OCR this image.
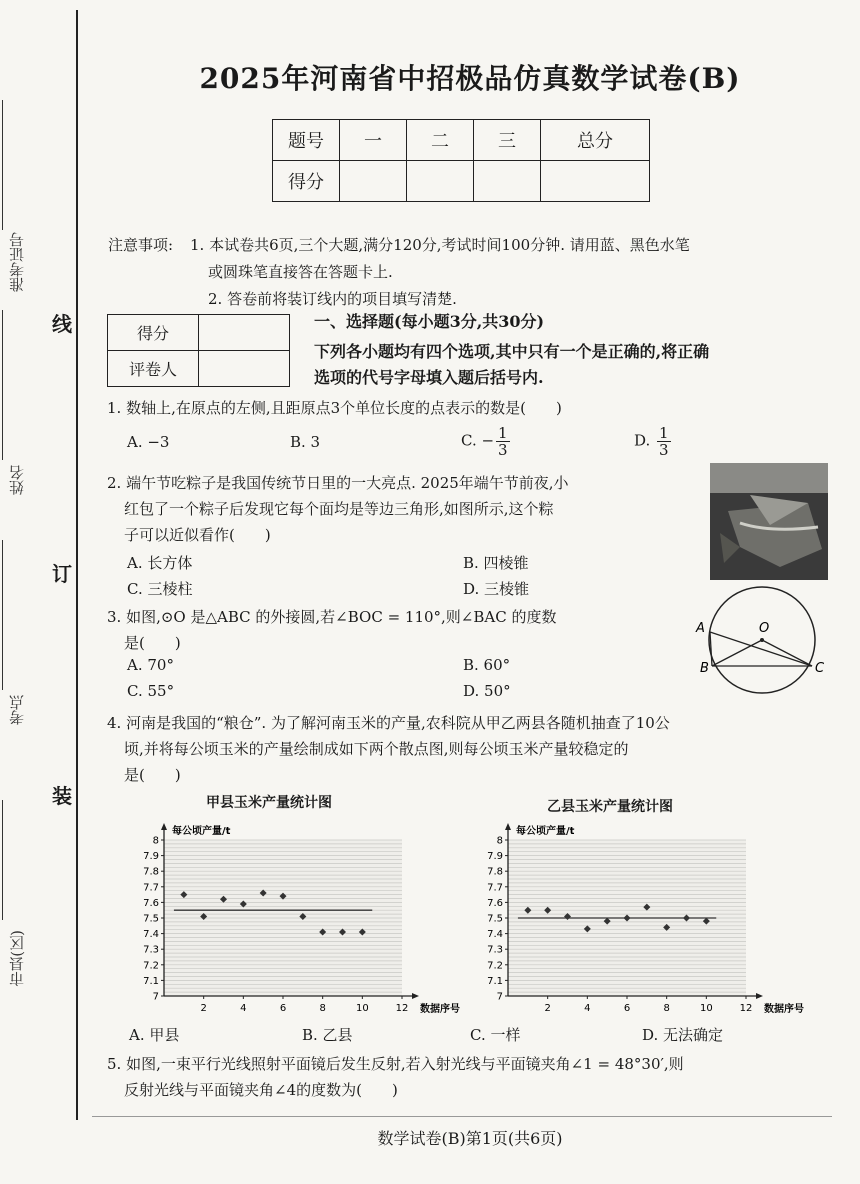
线
订
装
准考证号
姓名
考点
市县(区)
2025年河南省中招极品仿真数学试卷(B)
题号	一	二	三	总分
得分				
注意事项: 1. 本试卷共6页,三个大题,满分120分,考试时间100分钟. 请用蓝、黑色水笔
或圆珠笔直接答在答题卡上.
2. 答卷前将装订线内的项目填写清楚.
得分	
评卷人	
一、选择题(每小题3分,共30分)
下列各小题均有四个选项,其中只有一个是正确的,将正确
选项的代号字母填入题后括号内.
1. 数轴上,在原点的左侧,且距原点3个单位长度的点表示的数是(　　)
A. −3	B. 3	C. − $\frac{1}{3}$	D. $\frac{1}{3}$
2. 端午节吃粽子是我国传统节日里的一大亮点. 2025年端午节前夜,小
红包了一个粽子后发现它每个面均是等边三角形,如图所示,这个粽
子可以近似看作(　　)
A. 长方体	B. 四棱锥
C. 三棱柱	D. 三棱锥
3. 如图,⊙O 是△ABC 的外接圆,若∠BOC = 110°,则∠BAC 的度数
是(　　)
A. 70°	B. 60°
C. 55°	D. 50°
A	O
B	C
4. 河南是我国的“粮仓”. 为了解河南玉米的产量,农科院从甲乙两县各随机抽查了10公
顷,并将每公顷玉米的产量绘制成如下两个散点图,则每公顷玉米产量较稳定的
是(　　)
甲县玉米产量统计图	乙县玉米产量统计图
7
7.1
7.2
7.3
7.4
7.5
7.6
7.7
7.8
7.9
8
2	4	6	8	10	12
每公顷产量/t
数据序号
7
7.1
7.2
7.3
7.4
7.5
7.6
7.7
7.8
7.9
8
2	4	6	8	10	12
每公顷产量/t
数据序号
A. 甲县	B. 乙县	C. 一样	D. 无法确定
5. 如图,一束平行光线照射平面镜后发生反射,若入射光线与平面镜夹角∠1 = 48°30′,则
反射光线与平面镜夹角∠4的度数为(　　)
数学试卷(B)第1页(共6页)
